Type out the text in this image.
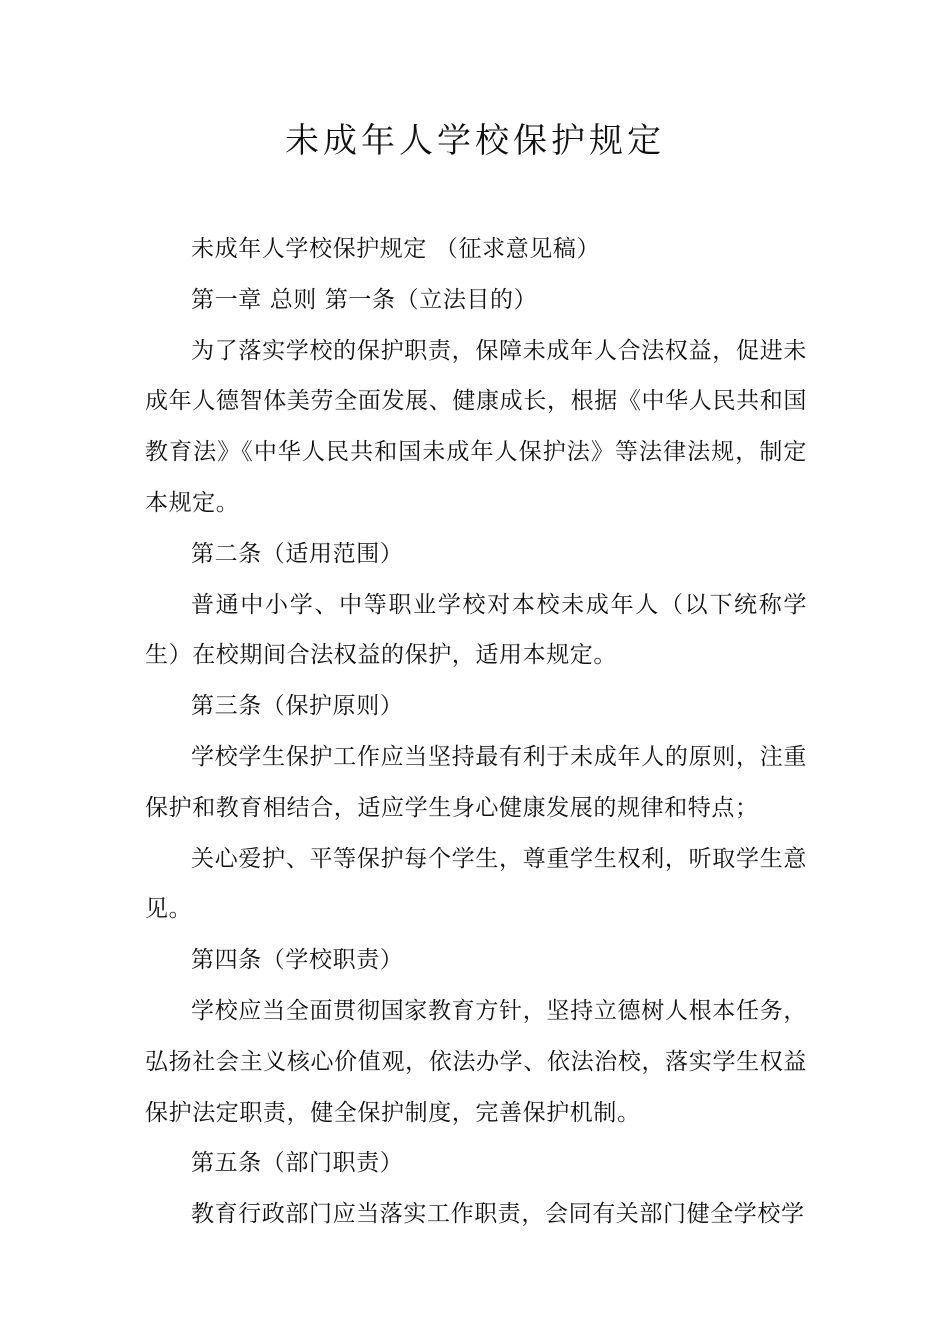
未成年人学校保护规定

未成年人学校保护规定 （征求意见稿）

第一章 总则 第一条（立法目的）

为了落实学校的保护职责，保障未成年人合法权益，促进未成年人德智体美劳全面发展、健康成长，根据《中华人民共和国教育法》《中华人民共和国未成年人保护法》等法律法规，制定本规定。

第二条（适用范围）

普通中小学、中等职业学校对本校未成年人（以下统称学生）在校期间合法权益的保护，适用本规定。

第三条（保护原则）

学校学生保护工作应当坚持最有利于未成年人的原则，注重保护和教育相结合，适应学生身心健康发展的规律和特点；

关心爱护、平等保护每个学生，尊重学生权利，听取学生意见。

第四条（学校职责）

学校应当全面贯彻国家教育方针，坚持立德树人根本任务，弘扬社会主义核心价值观，依法办学、依法治校，落实学生权益保护法定职责，健全保护制度，完善保护机制。

第五条（部门职责）

教育行政部门应当落实工作职责，会同有关部门健全学校学
